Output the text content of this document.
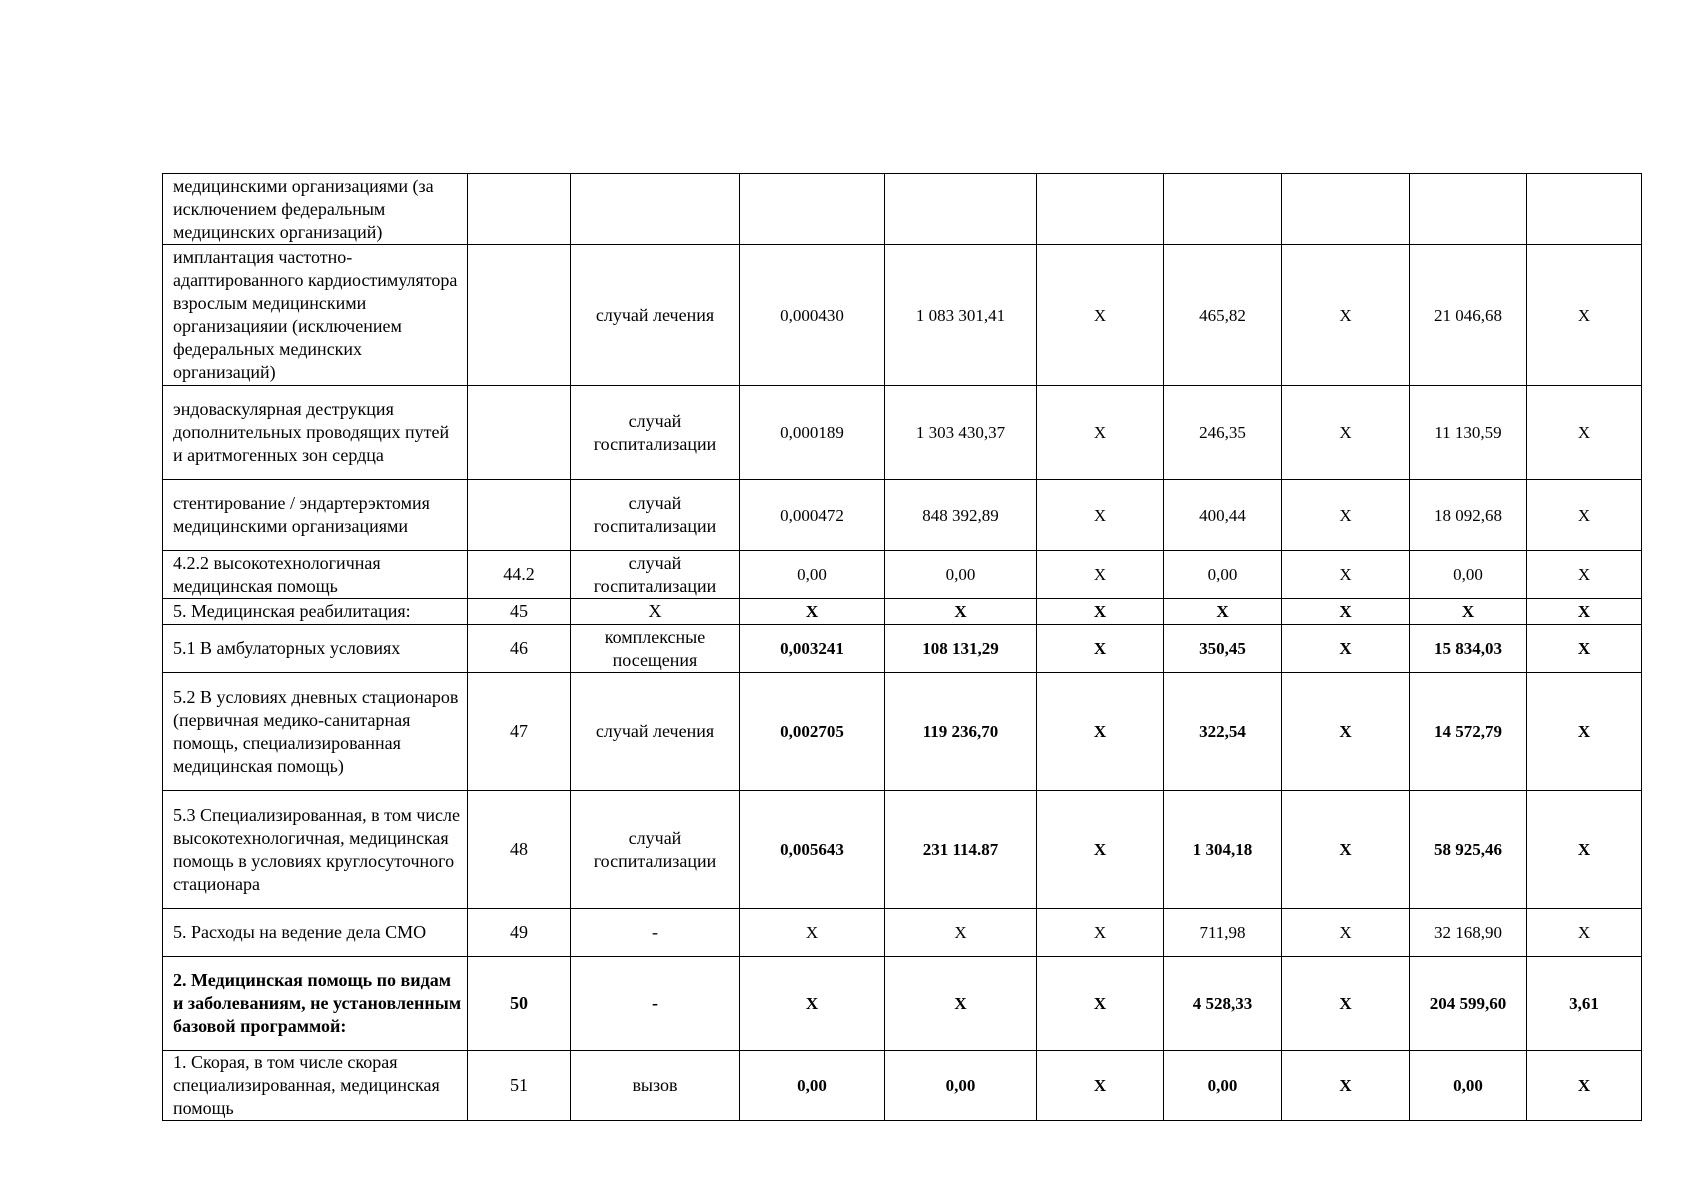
медицинскими организациями (за исключением федеральным медицинских организаций)									
имплантация частотно-адаптированного кардиостимулятора взрослым медицинскими организацияии (исключением федеральных мединских организаций)		случай лечения	0,000430	1 083 301,41	X	465,82	X	21 046,68	X
эндоваскулярная деструкция дополнительных проводящих путей и аритмогенных зон сердца		случай госпитализации	0,000189	1 303 430,37	X	246,35	X	11 130,59	X
стентирование / эндартерэктомия медицинскими организациями		случай госпитализации	0,000472	848 392,89	X	400,44	X	18 092,68	X
4.2.2 высокотехнологичная медицинская помощь	44.2	случай госпитализации	0,00	0,00	X	0,00	X	0,00	X
5. Медицинская реабилитация:	45	X	X	X	X	X	X	X	X
5.1 В амбулаторных условиях	46	комплексные посещения	0,003241	108 131,29	X	350,45	X	15 834,03	X
5.2 В условиях дневных стационаров (первичная медико-санитарная помощь, специализированная медицинская помощь)	47	случай лечения	0,002705	119 236,70	X	322,54	X	14 572,79	X
5.3 Специализированная, в том числе высокотехнологичная, медицинская помощь в условиях круглосуточного стационара	48	случай госпитализации	0,005643	231 114.87	X	1 304,18	X	58 925,46	X
5. Расходы на ведение дела СМО	49	-	X	X	X	711,98	X	32 168,90	X
2. Медицинская помощь по видам и заболеваниям, не установленным базовой программой:	50	-	X	X	X	4 528,33	X	204 599,60	3,61
1. Скорая, в том числе скорая специализированная, медицинская помощь	51	вызов	0,00	0,00	X	0,00	X	0,00	X
